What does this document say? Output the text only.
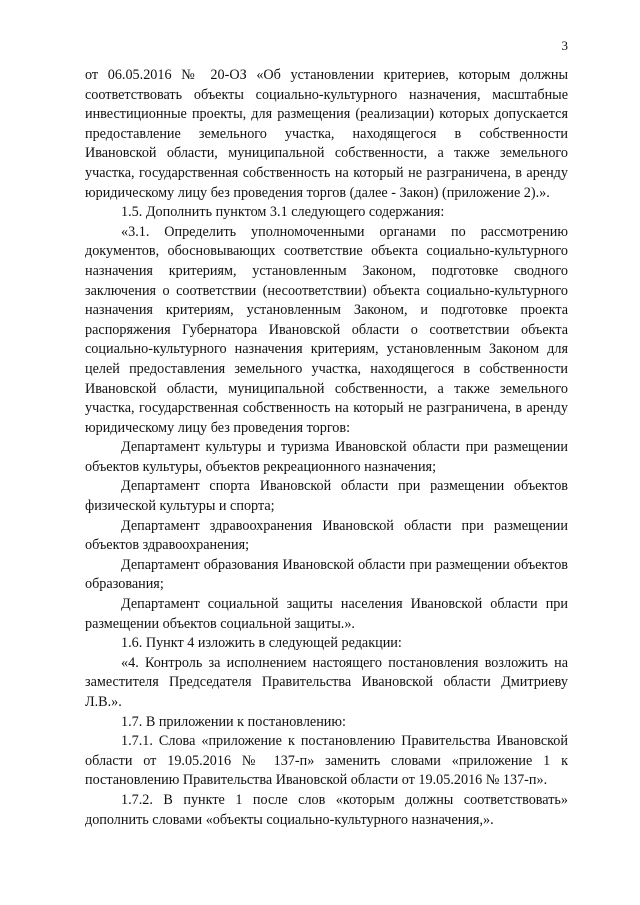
3

от 06.05.2016 № 20-ОЗ «Об установлении критериев, которым должны соответствовать объекты социально-культурного назначения, масштабные инвестиционные проекты, для размещения (реализации) которых допускается предоставление земельного участка, находящегося в собственности Ивановской области, муниципальной собственности, а также земельного участка, государственная собственность на который не разграничена, в аренду юридическому лицу без проведения торгов (далее - Закон) (приложение 2).».

1.5. Дополнить пунктом 3.1 следующего содержания:

«3.1. Определить уполномоченными органами по рассмотрению документов, обосновывающих соответствие объекта социально-культурного назначения критериям, установленным Законом, подготовке сводного заключения о соответствии (несоответствии) объекта социально-культурного назначения критериям, установленным Законом, и подготовке проекта распоряжения Губернатора Ивановской области о соответствии объекта социально-культурного назначения критериям, установленным Законом для целей предоставления земельного участка, находящегося в собственности Ивановской области, муниципальной собственности, а также земельного участка, государственная собственность на который не разграничена, в аренду юридическому лицу без проведения торгов:

Департамент культуры и туризма Ивановской области при размещении объектов культуры, объектов рекреационного назначения;

Департамент спорта Ивановской области при размещении объектов физической культуры и спорта;

Департамент здравоохранения Ивановской области при размещении объектов здравоохранения;

Департамент образования Ивановской области при размещении объектов образования;

Департамент социальной защиты населения Ивановской области при размещении объектов социальной защиты.».

1.6. Пункт 4 изложить в следующей редакции:

«4. Контроль за исполнением настоящего постановления возложить на заместителя Председателя Правительства Ивановской области Дмитриеву Л.В.».

1.7. В приложении к постановлению:

1.7.1. Слова «приложение к постановлению Правительства Ивановской области от 19.05.2016 № 137-п» заменить словами «приложение 1 к постановлению Правительства Ивановской области от 19.05.2016 № 137-п».

1.7.2. В пункте 1 после слов «которым должны соответствовать» дополнить словами «объекты социально-культурного назначения,».
